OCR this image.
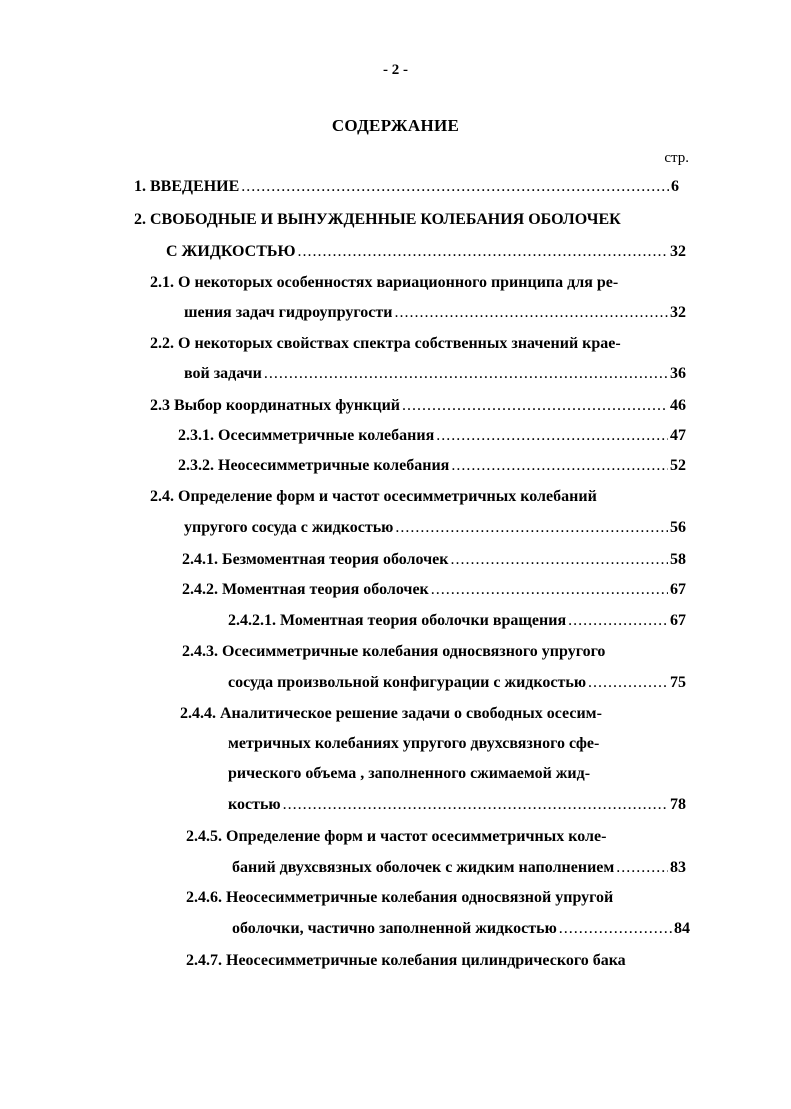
- 2 -
СОДЕРЖАНИЕ
стр.
1. ВВЕДЕНИЕ .....	6
2. СВОБОДНЫЕ И ВЫНУЖДЕННЫЕ КОЛЕБАНИЯ ОБОЛОЧЕК
С ЖИДКОСТЬЮ .....	32
2.1. О некоторых особенностях вариационного принципа для ре-
шения задач гидроупругости .....	32
2.2. О некоторых свойствах спектра собственных значений крае-
вой задачи .....	36
2.3 Выбор координатных функций .....	46
2.3.1. Осесимметричные колебания .....	47
2.3.2. Неосесимметричные колебания .....	52
2.4. Определение форм и частот осесимметричных колебаний
упругого сосуда с жидкостью .....	56
2.4.1. Безмоментная теория оболочек .....	58
2.4.2. Моментная теория оболочек .....	67
2.4.2.1. Моментная теория оболочки вращения .....	67
2.4.3. Осесимметричные колебания односвязного упругого
сосуда произвольной конфигурации с жидкостью .....	75
2.4.4. Аналитическое решение задачи о свободных осесим-
метричных колебаниях упругого двухсвязного сфе-
рического объема , заполненного сжимаемой жид-
костью .....	78
2.4.5. Определение форм и частот осесимметричных коле-
баний двухсвязных оболочек с жидким наполнением .....	83
2.4.6. Неосесимметричные колебания односвязной упругой
оболочки, частично заполненной жидкостью .....	84
2.4.7. Неосесимметричные колебания цилиндрического бака
